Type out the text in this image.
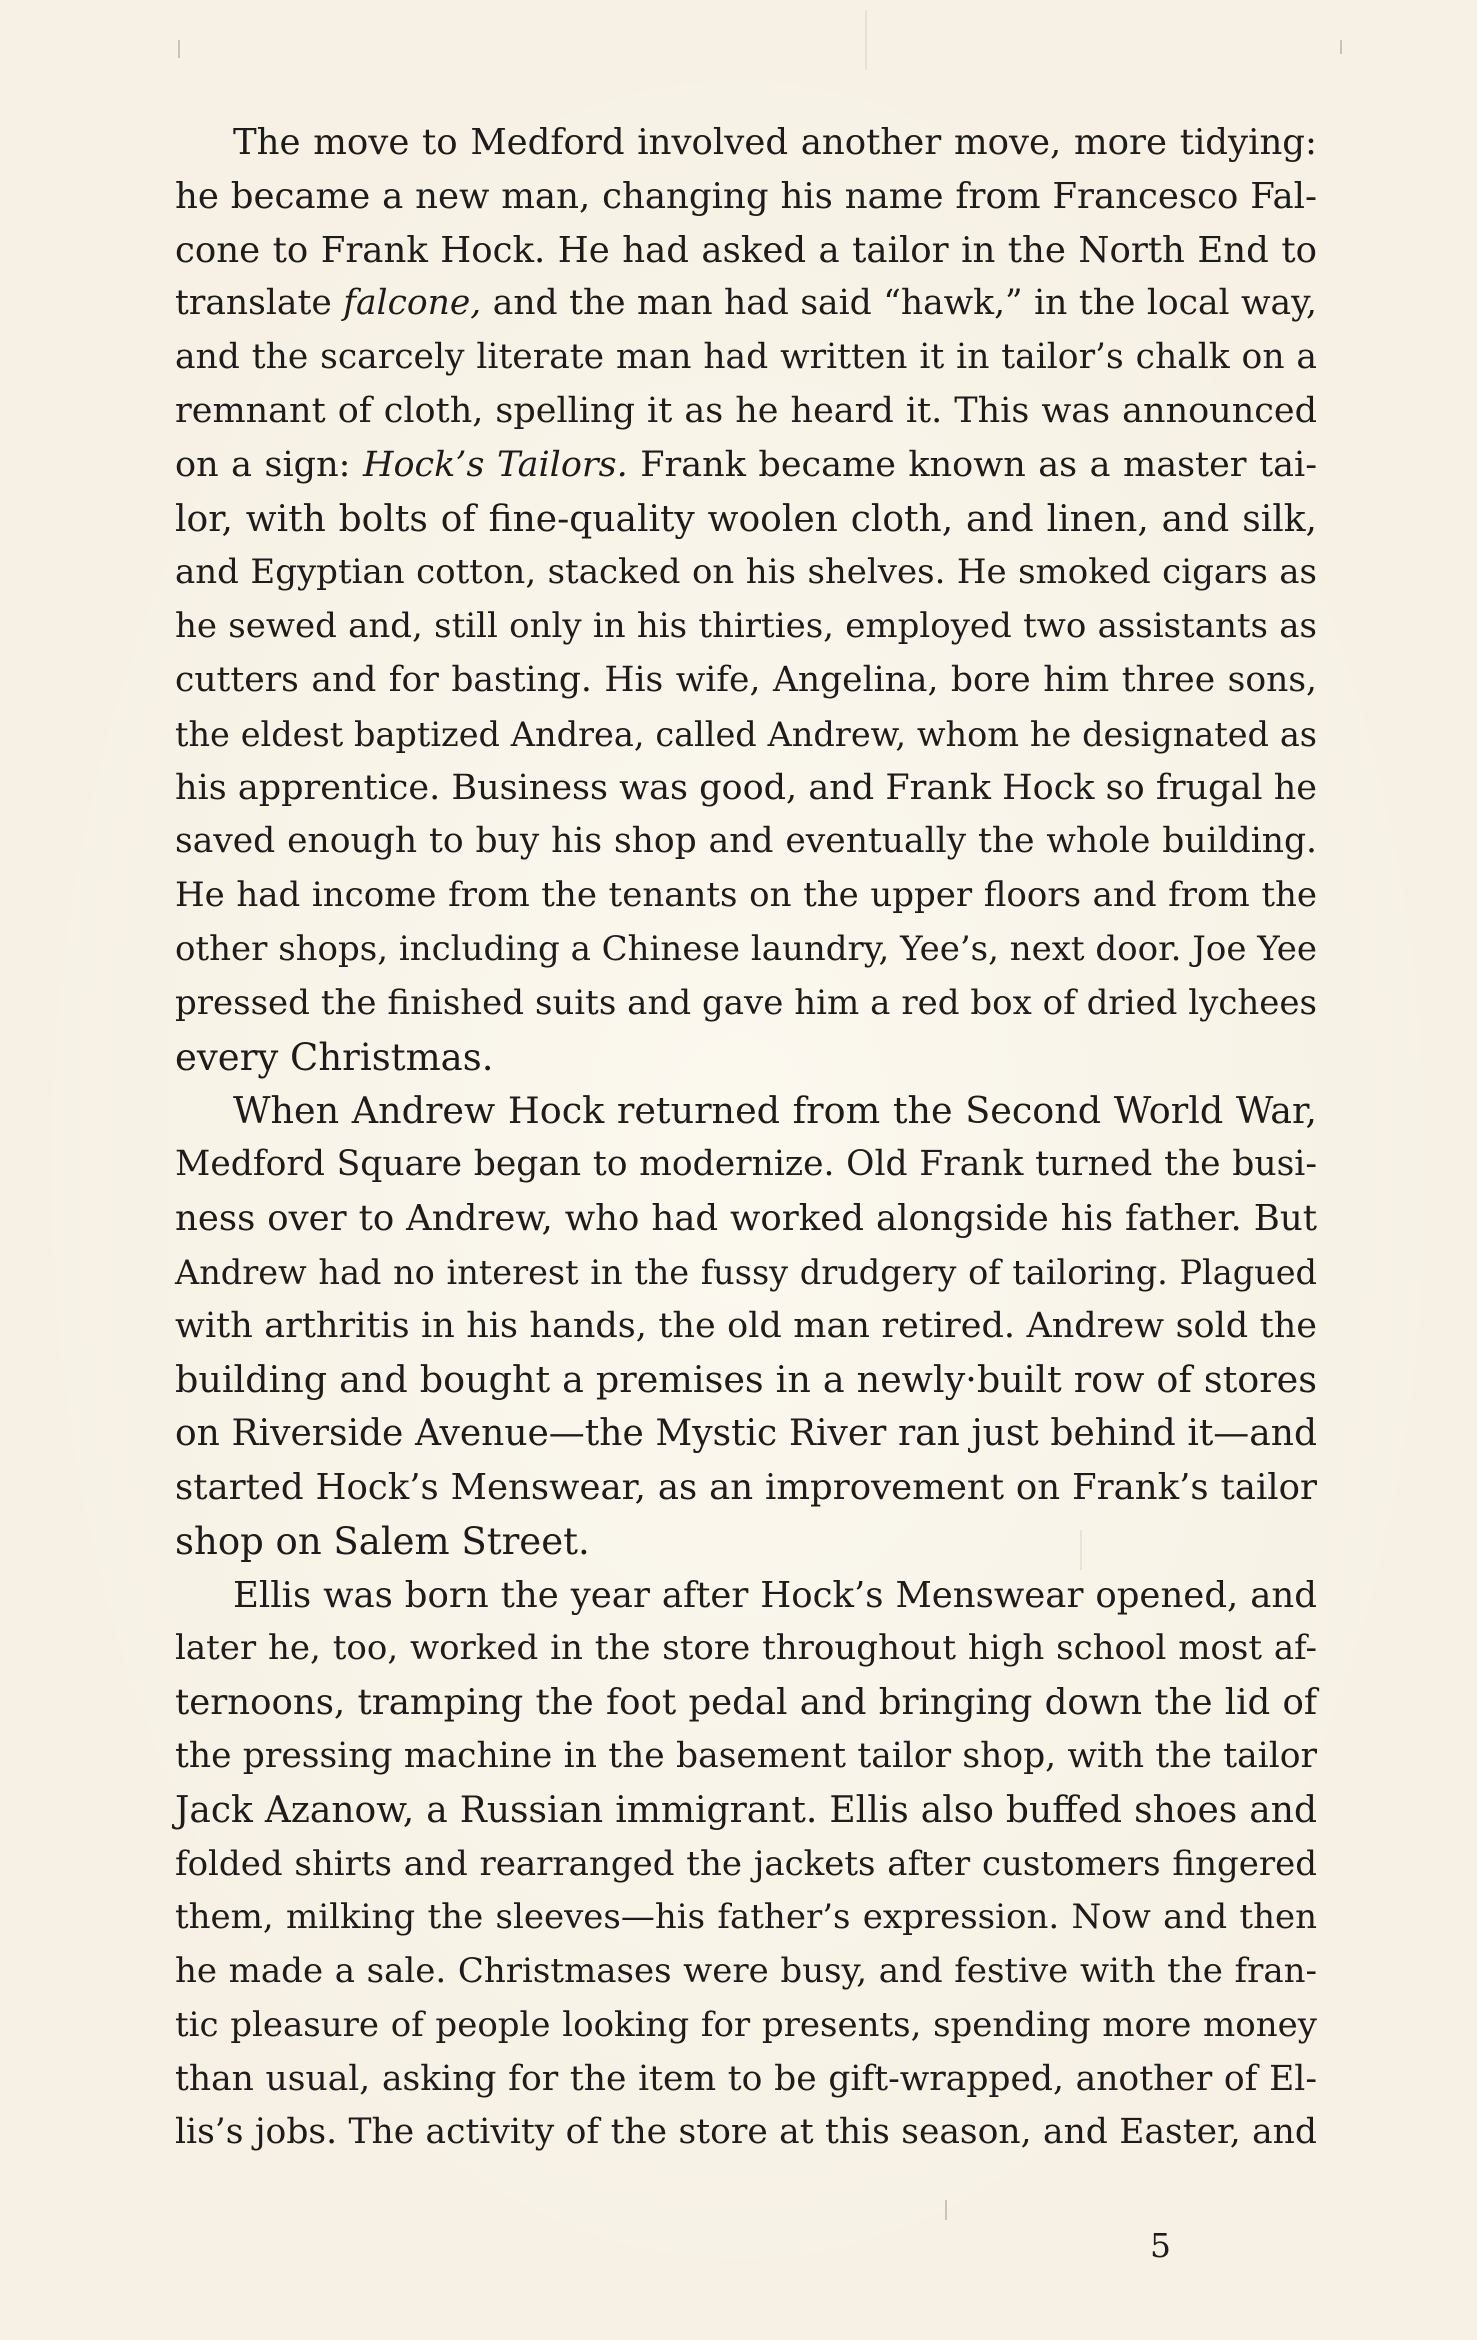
The move to Medford involved another move, more tidying:
he became a new man, changing his name from Francesco Fal-
cone to Frank Hock. He had asked a tailor in the North End to
translate falcone, and the man had said “hawk,” in the local way,
and the scarcely literate man had written it in tailor’s chalk on a
remnant of cloth, spelling it as he heard it. This was announced
on a sign: Hock’s Tailors. Frank became known as a master tai-
lor, with bolts of fine-quality woolen cloth, and linen, and silk,
and Egyptian cotton, stacked on his shelves. He smoked cigars as
he sewed and, still only in his thirties, employed two assistants as
cutters and for basting. His wife, Angelina, bore him three sons,
the eldest baptized Andrea, called Andrew, whom he designated as
his apprentice. Business was good, and Frank Hock so frugal he
saved enough to buy his shop and eventually the whole building.
He had income from the tenants on the upper floors and from the
other shops, including a Chinese laundry, Yee’s, next door. Joe Yee
pressed the finished suits and gave him a red box of dried lychees
every Christmas.
When Andrew Hock returned from the Second World War,
Medford Square began to modernize. Old Frank turned the busi-
ness over to Andrew, who had worked alongside his father. But
Andrew had no interest in the fussy drudgery of tailoring. Plagued
with arthritis in his hands, the old man retired. Andrew sold the
building and bought a premises in a newly·built row of stores
on Riverside Avenue—the Mystic River ran just behind it—and
started Hock’s Menswear, as an improvement on Frank’s tailor
shop on Salem Street.
Ellis was born the year after Hock’s Menswear opened, and
later he, too, worked in the store throughout high school most af-
ternoons, tramping the foot pedal and bringing down the lid of
the pressing machine in the basement tailor shop, with the tailor
Jack Azanow, a Russian immigrant. Ellis also buffed shoes and
folded shirts and rearranged the jackets after customers fingered
them, milking the sleeves—his father’s expression. Now and then
he made a sale. Christmases were busy, and festive with the fran-
tic pleasure of people looking for presents, spending more money
than usual, asking for the item to be gift-wrapped, another of El-
lis’s jobs. The activity of the store at this season, and Easter, and
5
